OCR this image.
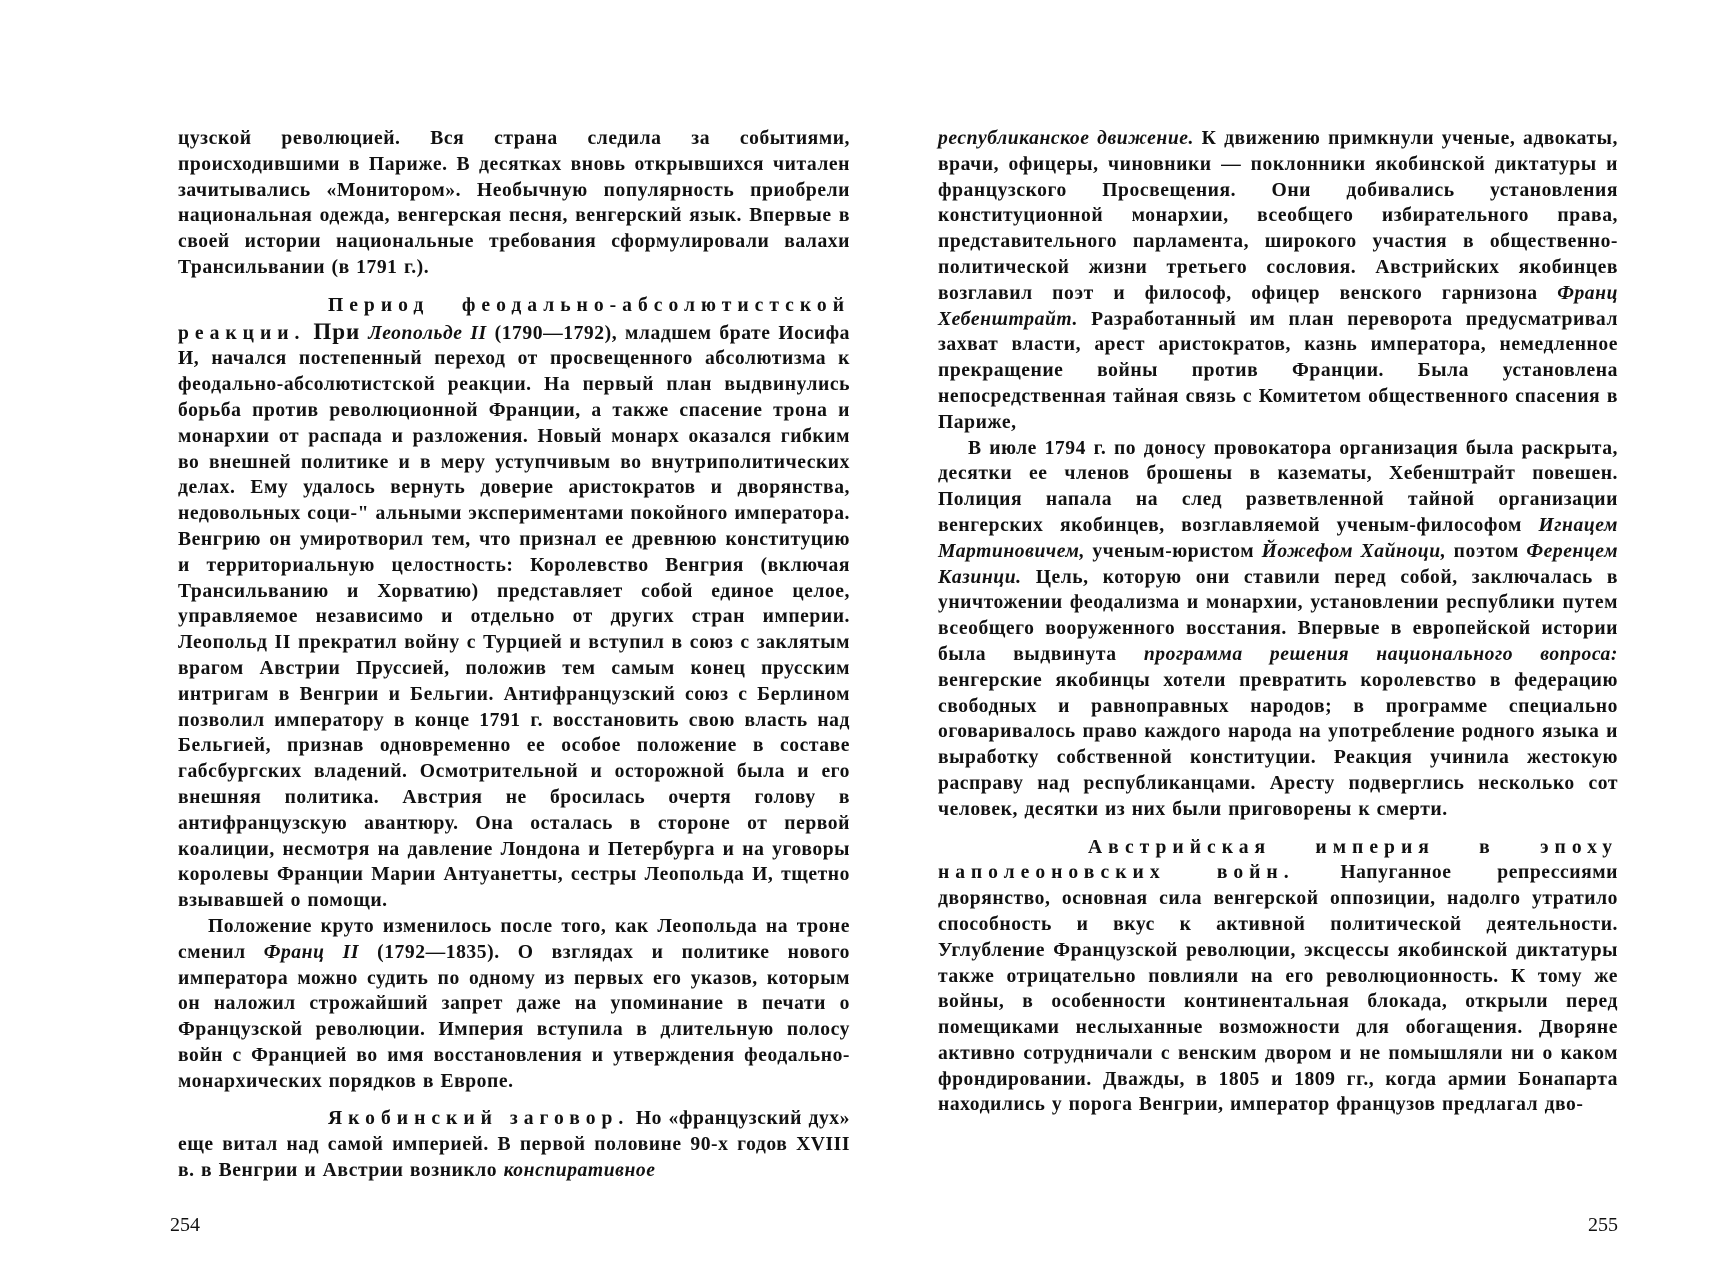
цузской революцией. Вся страна следила за событиями, происходившими в Париже. В десятках вновь открывшихся читален зачитывались «Монитором». Необычную популярность приобрели национальная одежда, венгерская песня, венгерский язык. Впервые в своей истории национальные требования сформулировали валахи Трансильвании (в 1791 г.).

Период феодально-абсолютистской реакции. При Леопольде II (1790—1792), младшем брате Иосифа И, начался постепенный переход от просвещенного абсолютизма к феодально-абсолютистской реакции. На первый план выдвинулись борьба против революционной Франции, а также спасение трона и монархии от распада и разложения. Новый монарх оказался гибким во внешней политике и в меру уступчивым во внутриполитических делах. Ему удалось вернуть доверие аристократов и дворянства, недовольных соци-" альными экспериментами покойного императора. Венгрию он умиротворил тем, что признал ее древнюю конституцию и территориальную целостность: Королевство Венгрия (включая Трансильванию и Хорватию) представляет собой единое целое, управляемое независимо и отдельно от других стран империи. Леопольд II прекратил войну с Турцией и вступил в союз с заклятым врагом Австрии Пруссией, положив тем самым конец прусским интригам в Венгрии и Бельгии. Антифранцузский союз с Берлином позволил императору в конце 1791 г. восстановить свою власть над Бельгией, признав одновременно ее особое положение в составе габсбургских владений. Осмотрительной и осторожной была и его внешняя политика. Австрия не бросилась очертя голову в антифранцузскую авантюру. Она осталась в стороне от первой коалиции, несмотря на давление Лондона и Петербурга и на уговоры королевы Франции Марии Антуанетты, сестры Леопольда И, тщетно взывавшей о помощи.

Положение круто изменилось после того, как Леопольда на троне сменил Франц II (1792—1835). О взглядах и политике нового императора можно судить по одному из первых его указов, которым он наложил строжайший запрет даже на упоминание в печати о Французской революции. Империя вступила в длительную полосу войн с Францией во имя восстановления и утверждения феодально-монархических порядков в Европе.

Якобинский заговор. Но «французский дух» еще витал над самой империей. В первой половине 90-х годов XVIII в. в Венгрии и Австрии возникло конспиративное

254

республиканское движение. К движению примкнули ученые, адвокаты, врачи, офицеры, чиновники — поклонники якобинской диктатуры и французского Просвещения. Они добивались установления конституционной монархии, всеобщего избирательного права, представительного парламента, широкого участия в общественно-политической жизни третьего сословия. Австрийских якобинцев возглавил поэт и философ, офицер венского гарнизона Франц Хебенштрайт. Разработанный им план переворота предусматривал захват власти, арест аристократов, казнь императора, немедленное прекращение войны против Франции. Была установлена непосредственная тайная связь с Комитетом общественного спасения в Париже,

В июле 1794 г. по доносу провокатора организация была раскрыта, десятки ее членов брошены в казематы, Хебенштрайт повешен. Полиция напала на след разветвленной тайной организации венгерских якобинцев, возглавляемой ученым-философом Игнацем Мартиновичем, ученым-юристом Йожефом Хайноци, поэтом Ференцем Казинци. Цель, которую они ставили перед собой, заключалась в уничтожении феодализма и монархии, установлении республики путем всеобщего вооруженного восстания. Впервые в европейской истории была выдвинута программа решения национального вопроса: венгерские якобинцы хотели превратить королевство в федерацию свободных и равноправных народов; в программе специально оговаривалось право каждого народа на употребление родного языка и выработку собственной конституции. Реакция учинила жестокую расправу над республиканцами. Аресту подверглись несколько сот человек, десятки из них были приговорены к смерти.

Австрийская империя в эпоху наполеоновских войн. Напуганное репрессиями дворянство, основная сила венгерской оппозиции, надолго утратило способность и вкус к активной политической деятельности. Углубление Французской революции, эксцессы якобинской диктатуры также отрицательно повлияли на его революционность. К тому же войны, в особенности континентальная блокада, открыли перед помещиками неслыханные возможности для обогащения. Дворяне активно сотрудничали с венским двором и не помышляли ни о каком фрондировании. Дважды, в 1805 и 1809 гг., когда армии Бонапарта находились у порога Венгрии, император французов предлагал дво-

255
